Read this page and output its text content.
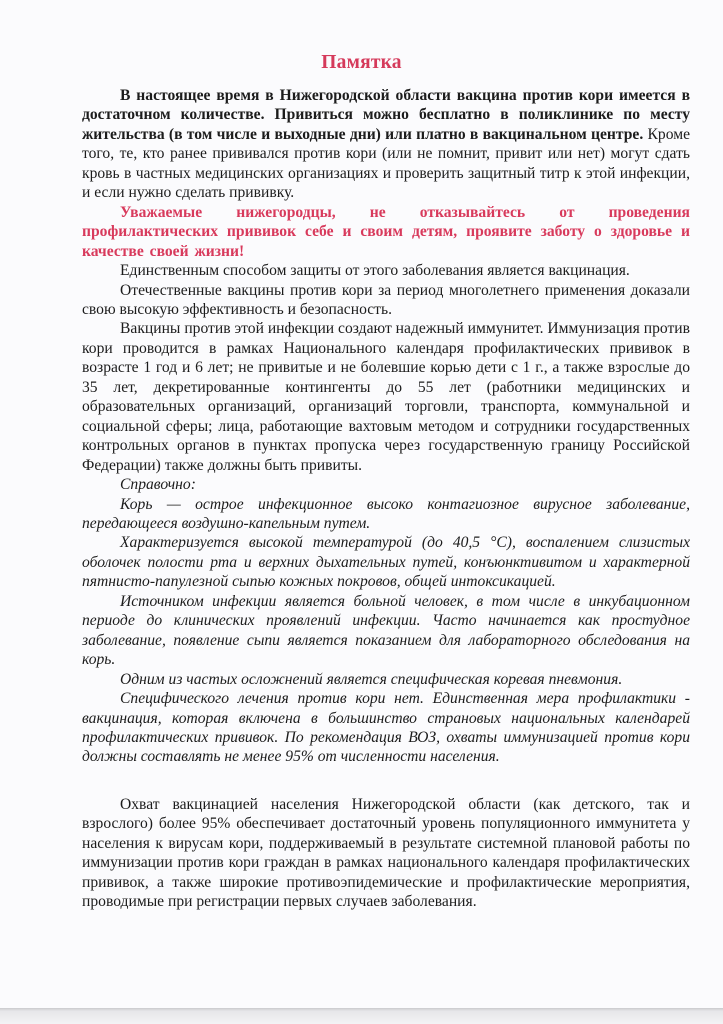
Памятка

В настоящее время в Нижегородской области вакцина против кори имеется в достаточном количестве. Привиться можно бесплатно в поликлинике по месту жительства (в том числе и выходные дни) или платно в вакцинальном центре. Кроме того, те, кто ранее прививался против кори (или не помнит, привит или нет) могут сдать кровь в частных медицинских организациях и проверить защитный титр к этой инфекции, и если нужно сделать прививку.

Уважаемые нижегородцы, не отказывайтесь от проведения профилактических прививок себе и своим детям, проявите заботу о здоровье и качестве своей жизни!

Единственным способом защиты от этого заболевания является вакцинация.

Отечественные вакцины против кори за период многолетнего применения доказали свою высокую эффективность и безопасность.

Вакцины против этой инфекции создают надежный иммунитет. Иммунизация против кори проводится в рамках Национального календаря профилактических прививок в возрасте 1 год и 6 лет; не привитые и не болевшие корью дети с 1 г., а также взрослые до 35 лет, декретированные контингенты до 55 лет (работники медицинских и образовательных организаций, организаций торговли, транспорта, коммунальной и социальной сферы; лица, работающие вахтовым методом и сотрудники государственных контрольных органов в пунктах пропуска через государственную границу Российской Федерации) также должны быть привиты.

Справочно:

Корь — острое инфекционное высоко контагиозное вирусное заболевание, передающееся воздушно-капельным путем.

Характеризуется высокой температурой (до 40,5 °С), воспалением слизистых оболочек полости рта и верхних дыхательных путей, конъюнктивитом и характерной пятнисто-папулезной сыпью кожных покровов, общей интоксикацией.

Источником инфекции является больной человек, в том числе в инкубационном периоде до клинических проявлений инфекции. Часто начинается как простудное заболевание, появление сыпи является показанием для лабораторного обследования на корь.

Одним из частых осложнений является специфическая коревая пневмония.

Специфического лечения против кори нет. Единственная мера профилактики - вакцинация, которая включена в большинство страновых национальных календарей профилактических прививок. По рекомендация ВОЗ, охваты иммунизацией против кори должны составлять не менее 95% от численности населения.

Охват вакцинацией населения Нижегородской области (как детского, так и взрослого) более 95% обеспечивает достаточный уровень популяционного иммунитета у населения к вирусам кори, поддерживаемый в результате системной плановой работы по иммунизации против кори граждан в рамках национального календаря профилактических прививок, а также широкие противоэпидемические и профилактические мероприятия, проводимые при регистрации первых случаев заболевания.
